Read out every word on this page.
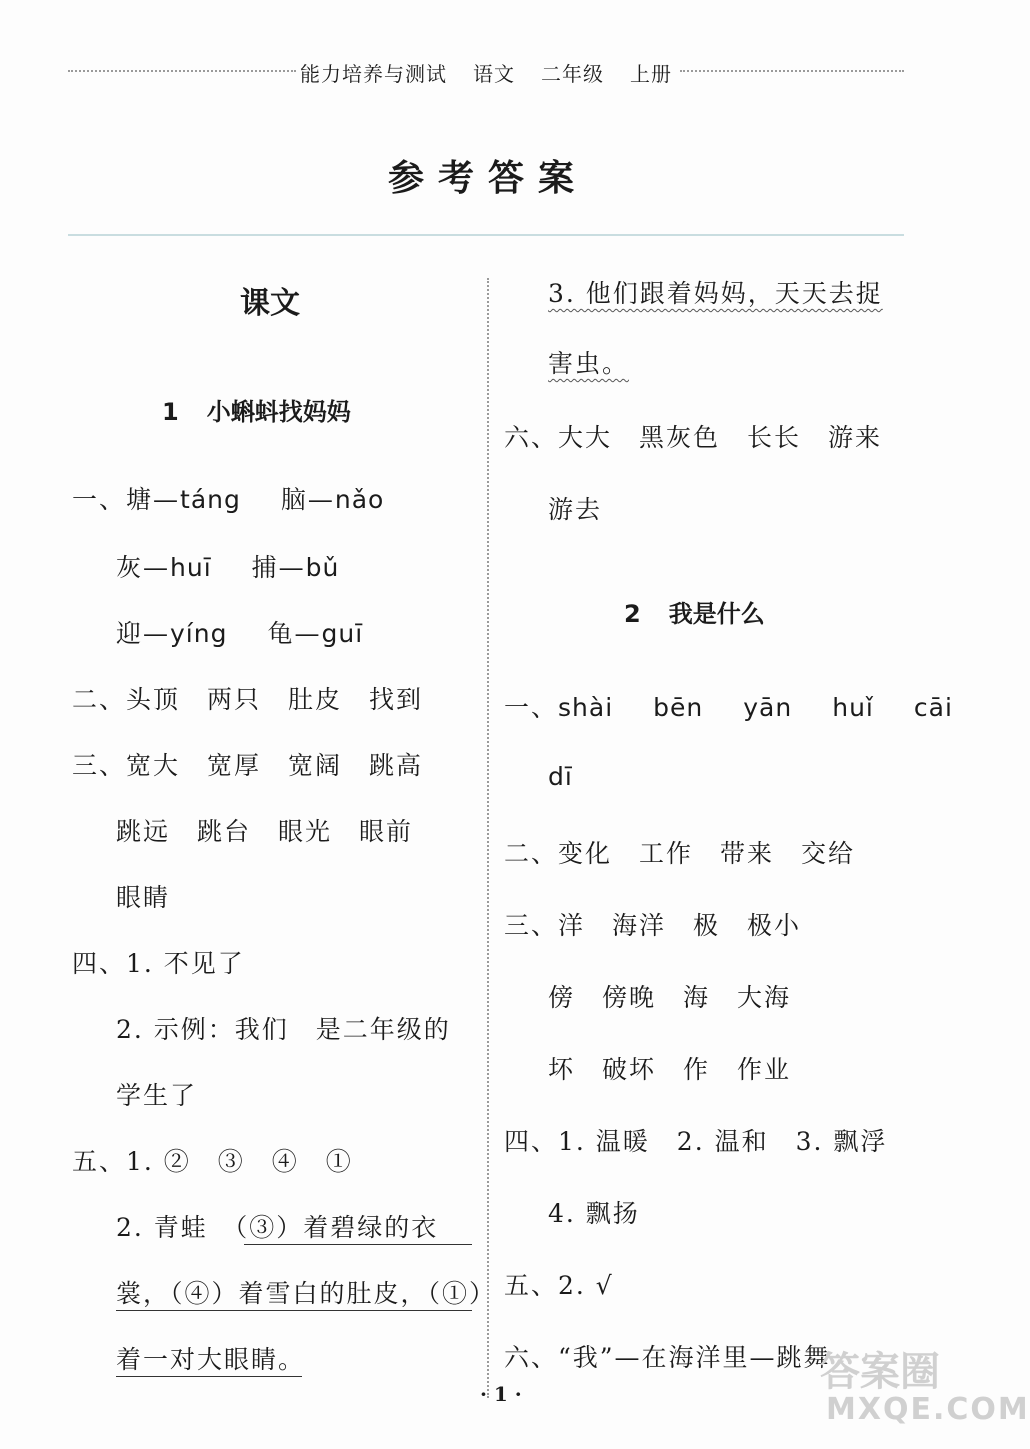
能力培养与测试 语文 二年级 上册
参考答案
课文
1 小蝌蚪找妈妈
一、塘—táng 脑—nǎo
灰—huī 捕—bǔ
迎—yíng 龟—guī
二、头顶　两只　肚皮　找到
三、宽大　宽厚　宽阔　跳高
跳远　跳台　眼光　眼前
眼睛
四、1. 不见了
2. 示例：我们　是二年级的
学生了
五、1. ②　③　④　①
2. 青蛙　（③）着碧绿的衣
裳，（④）着雪白的肚皮，（①）
着一对大眼睛。
3. 他们跟着妈妈，天天去捉
害虫。
六、大大　黑灰色　长长　游来
游去
2 我是什么
一、shài bēn yān huǐ cāi
dī
二、变化　工作　带来　交给
三、洋　海洋　极　极小
傍　傍晚　海　大海
坏　破坏　作　作业
四、1. 温暖　2. 温和　3. 飘浮
4. 飘扬
五、2. √
六、“我”—在海洋里—跳舞
· 1 ·	答案圈
MXQE.COM
